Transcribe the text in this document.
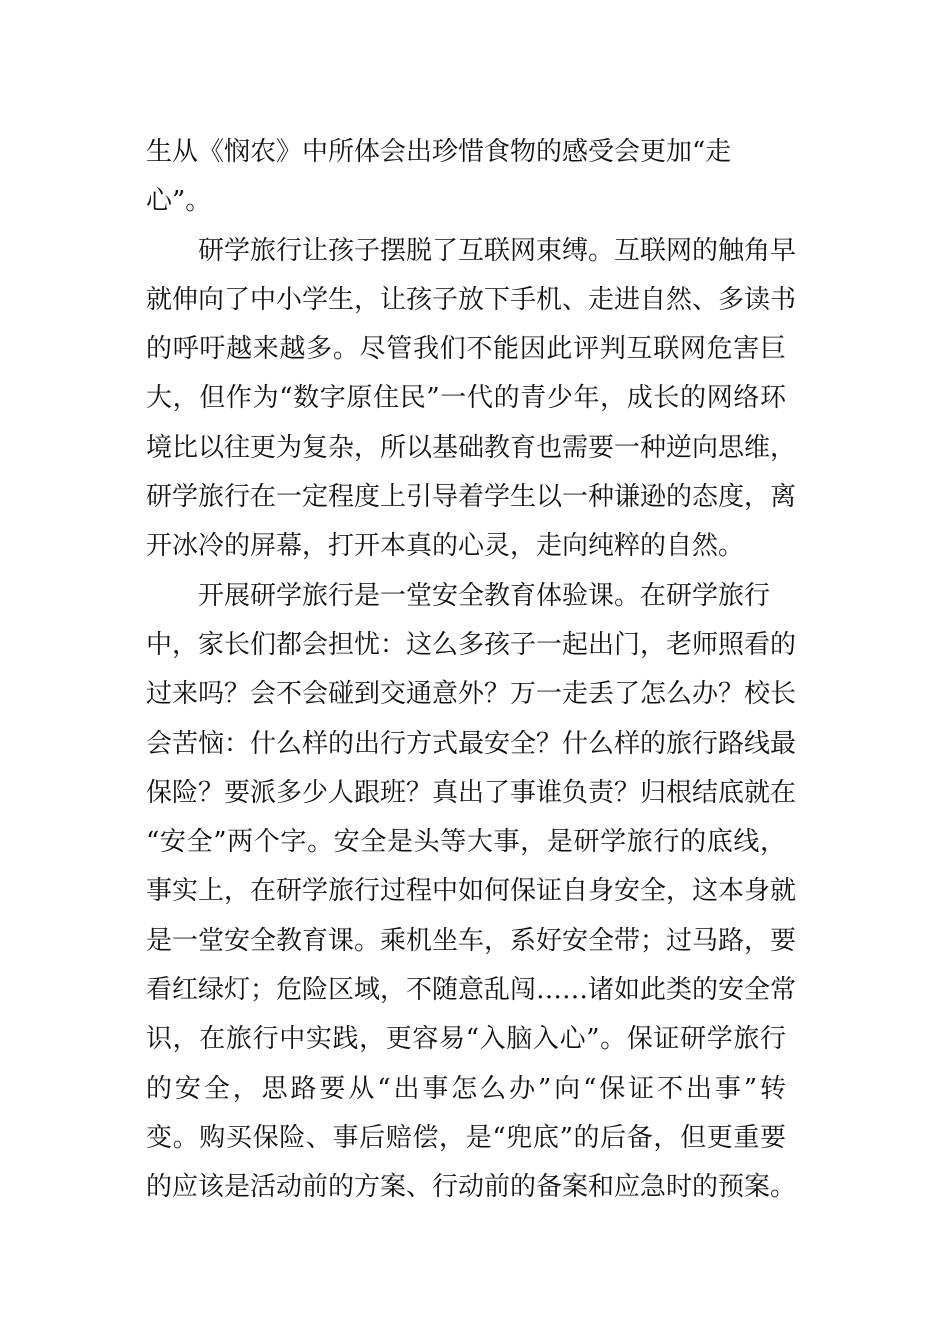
生从《悯农》中所体会出珍惜食物的感受会更加“走
心”。
研学旅行让孩子摆脱了互联网束缚。互联网的触角早
就伸向了中小学生，让孩子放下手机、走进自然、多读书
的呼吁越来越多。尽管我们不能因此评判互联网危害巨
大，但作为“数字原住民”一代的青少年，成长的网络环
境比以往更为复杂，所以基础教育也需要一种逆向思维，
研学旅行在一定程度上引导着学生以一种谦逊的态度，离
开冰冷的屏幕，打开本真的心灵，走向纯粹的自然。
开展研学旅行是一堂安全教育体验课。在研学旅行
中，家长们都会担忧：这么多孩子一起出门，老师照看的
过来吗？会不会碰到交通意外？万一走丢了怎么办？校长
会苦恼：什么样的出行方式最安全？什么样的旅行路线最
保险？要派多少人跟班？真出了事谁负责？归根结底就在
“安全”两个字。安全是头等大事，是研学旅行的底线，
事实上，在研学旅行过程中如何保证自身安全，这本身就
是一堂安全教育课。乘机坐车，系好安全带；过马路，要
看红绿灯；危险区域，不随意乱闯……诸如此类的安全常
识，在旅行中实践，更容易“入脑入心”。保证研学旅行
的安全，思路要从“出事怎么办”向“保证不出事”转
变。购买保险、事后赔偿，是“兜底”的后备，但更重要
的应该是活动前的方案、行动前的备案和应急时的预案。
